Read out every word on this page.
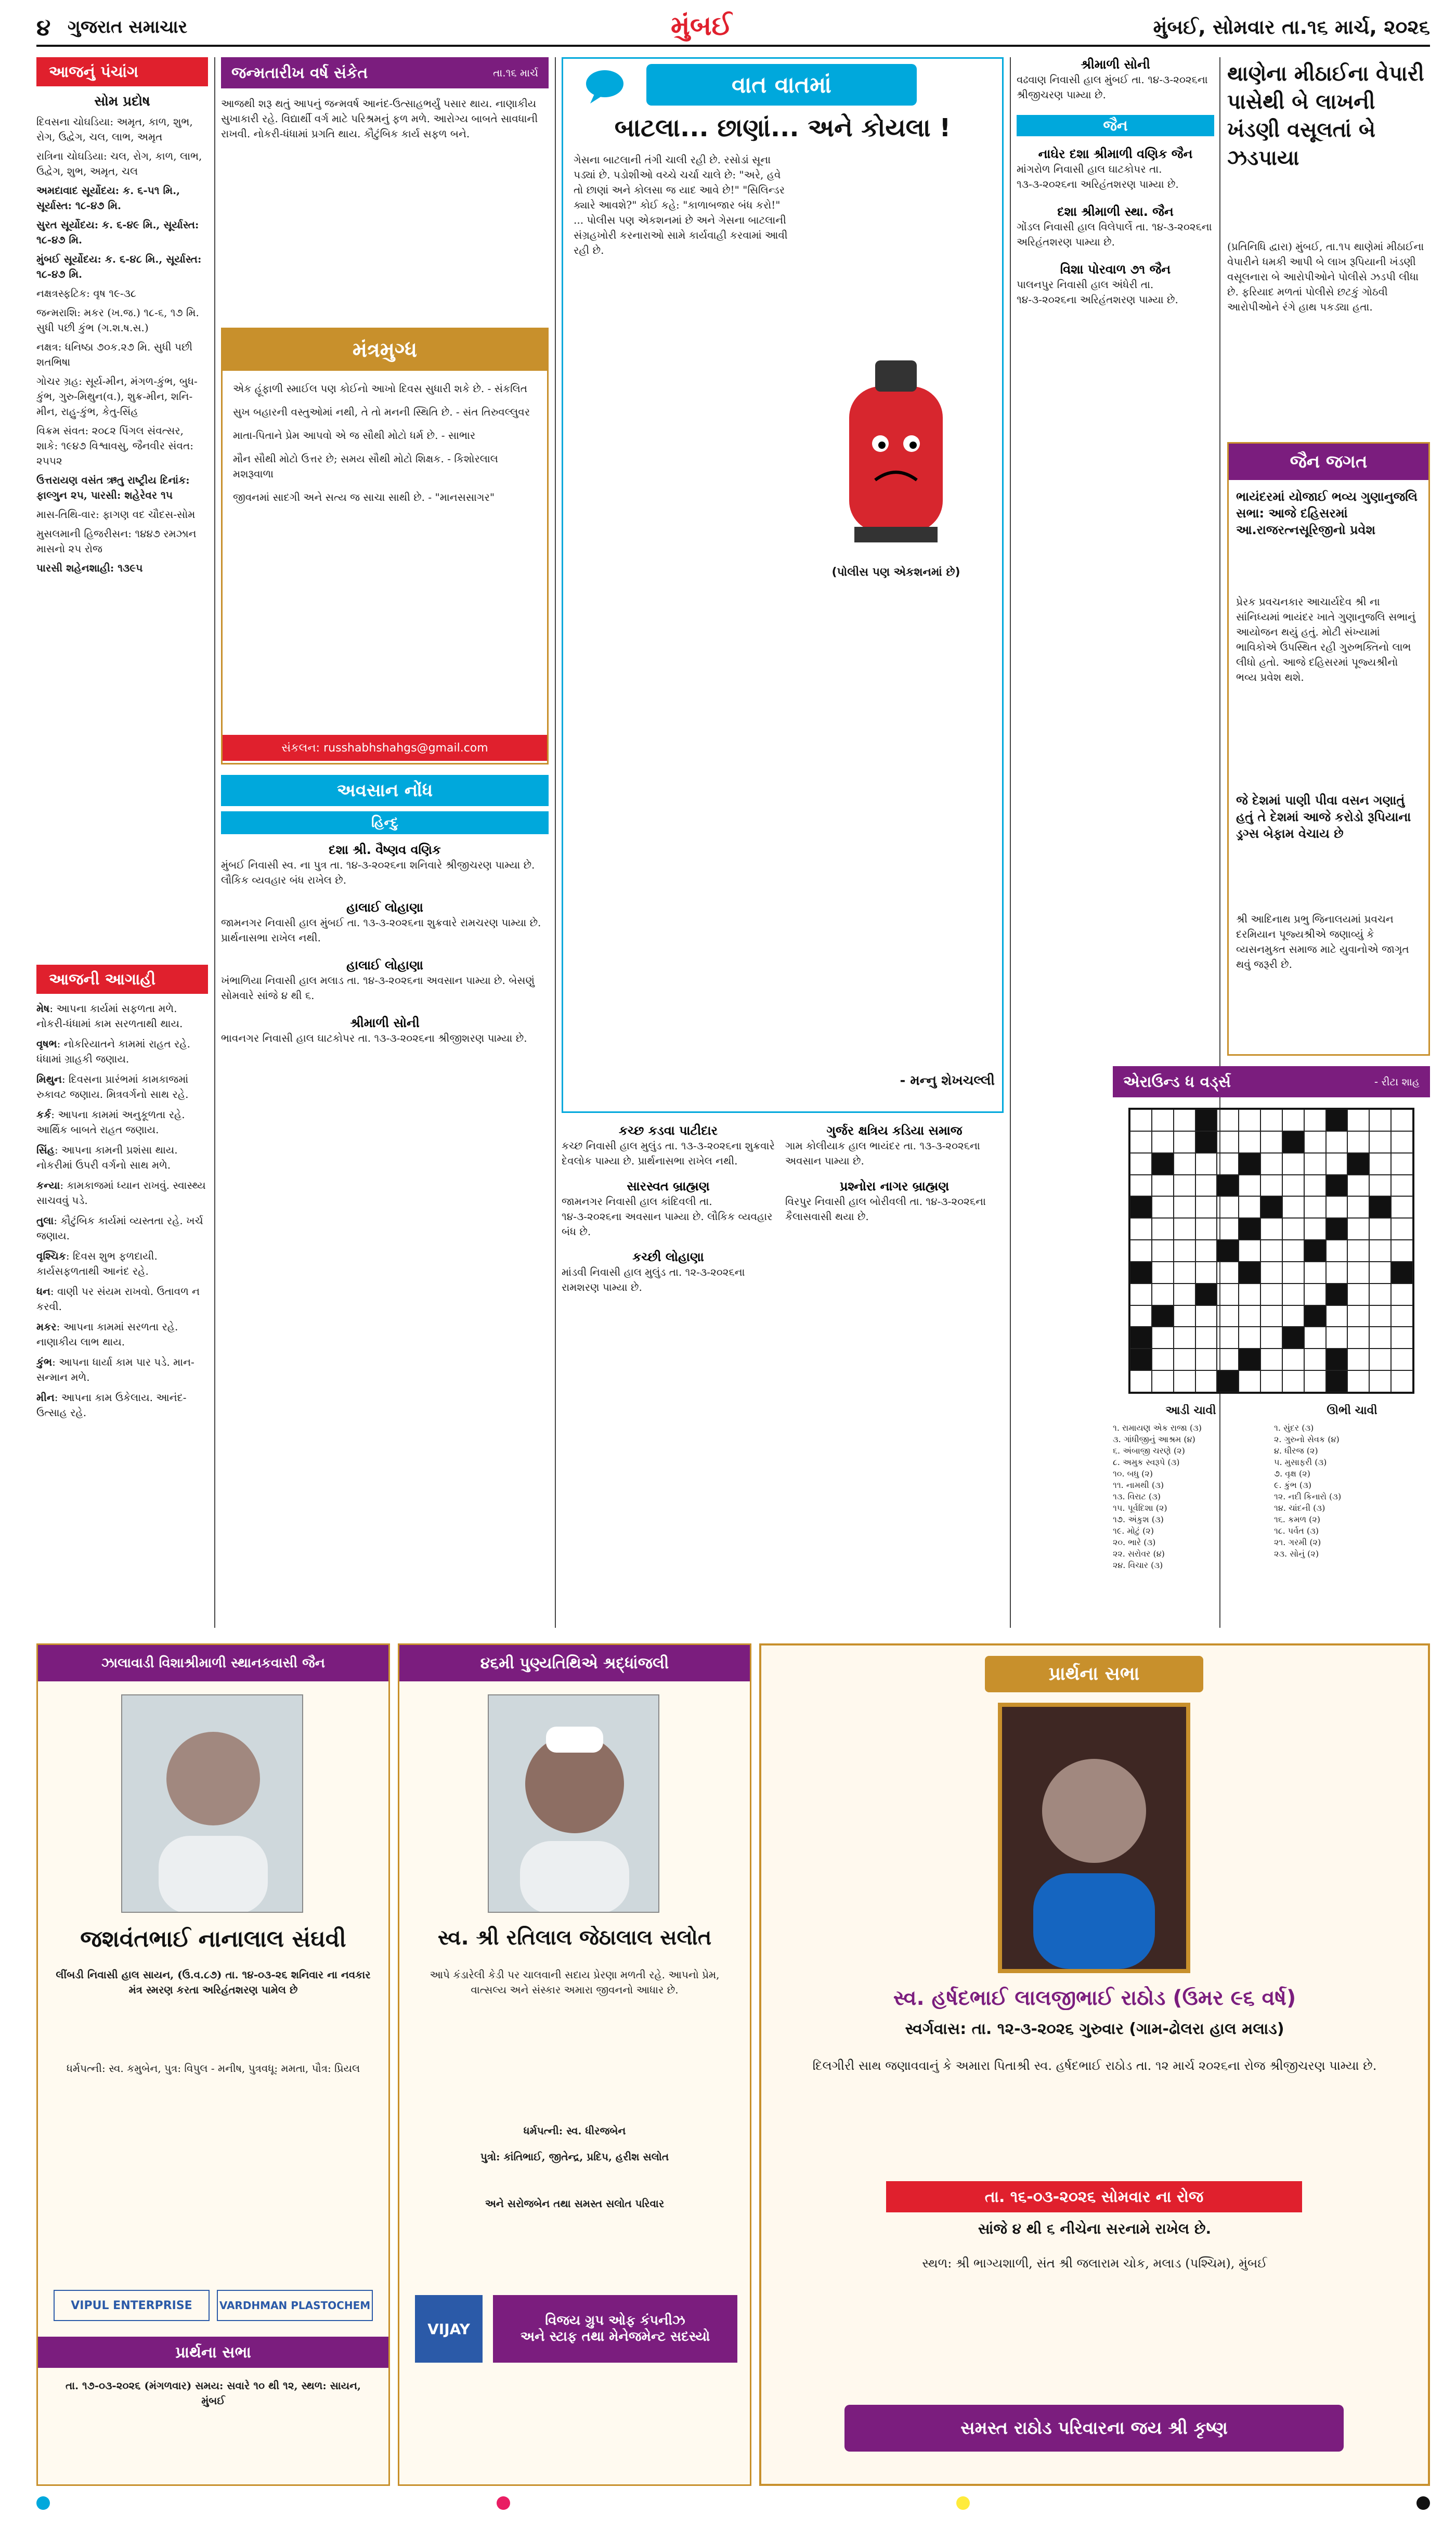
૪ ગુજરાત સમાચાર	મુંબઈ	મુંબઈ, સોમવાર તા.૧૬ માર્ચ, ૨૦૨૬
આજનું પંચાંગ
સોમ પ્રદોષ

દિવસના ચોઘડિયા: અમૃત, કાળ, શુભ, રોગ, ઉદ્વેગ, ચલ, લાભ, અમૃત

રાત્રિના ચોઘડિયા: ચલ, રોગ, કાળ, લાભ, ઉદ્વેગ, શુભ, અમૃત, ચલ

અમદાવાદ સૂર્યોદય: ક. ૬-૫૧ મિ., સૂર્યાસ્ત: ૧૮-૪૭ મિ.

સુરત સૂર્યોદય: ક. ૬-૪૯ મિ., સૂર્યાસ્ત: ૧૮-૪૭ મિ.

મુંબઈ સૂર્યોદય: ક. ૬-૪૮ મિ., સૂર્યાસ્ત: ૧૮-૪૭ મિ.

નક્ષત્રસ્ફટિક: વૃષ ૧૯-૩૮

જન્મરાશિ: મકર (ખ.જ.) ૧૮-૬, ૧૭ મિ. સુધી પછી કુંભ (ગ.શ.ષ.સ.)

નક્ષત્ર: ધનિષ્ઠા ૭૦ક.૨૭ મિ. સુધી પછી શતભિષા

ગોચર ગ્રહ: સૂર્ય-મીન, મંગળ-કુંભ, બુધ-કુંભ, ગુરુ-મિથુન(વ.), શુક્ર-મીન, શનિ-મીન, રાહુ-કુંભ, કેતુ-સિંહ

વિક્રમ સંવત: ૨૦૮૨ પિંગલ સંવત્સર, શાકે: ૧૯૪૭ વિશ્વાવસુ, જૈનવીર સંવત: ૨૫૫૨

ઉત્તરાયણ વસંત ઋતુ રાષ્ટ્રીય દિનાંક: ફાલ્ગુન ૨૫, પારસી: શહેરેવર ૧૫

માસ-તિથિ-વાર: ફાગણ વદ ચૌદસ-સોમ

મુસલમાની હિજરીસન: ૧૪૪૭ રમઝાન માસનો ૨૫ રોજ

પારસી શહેનશાહી: ૧૩૯૫

આજની આગાહી

મેષ: આપના કાર્યમાં સફળતા મળે. નોકરી-ધંધામાં કામ સરળતાથી થાય.

વૃષભ: નોકરિયાતને કામમાં રાહત રહે. ધંધામાં ગ્રાહકી જણાય.

મિથુન: દિવસના પ્રારંભમાં કામકાજમાં રુકાવટ જણાય. મિત્રવર્ગનો સાથ રહે.

કર્ક: આપના કામમાં અનુકૂળતા રહે. આર્થિક બાબતે રાહત જણાય.

સિંહ: આપના કામની પ્રશંસા થાય. નોકરીમાં ઉપરી વર્ગનો સાથ મળે.

કન્યા: કામકાજમાં ધ્યાન રાખવું. સ્વાસ્થ્ય સાચવવું પડે.

તુલા: કૌટુંબિક કાર્યમાં વ્યસ્તતા રહે. ખર્ચ જણાય.

વૃશ્ચિક: દિવસ શુભ ફળદાયી. કાર્યસફળતાથી આનંદ રહે.

ધન: વાણી પર સંયમ રાખવો. ઉતાવળ ન કરવી.

મકર: આપના કામમાં સરળતા રહે. નાણાકીય લાભ થાય.

કુંભ: આપના ધાર્યા કામ પાર પડે. માન-સન્માન મળે.

મીન: આપના કામ ઉકેલાય. આનંદ-ઉત્સાહ રહે.

જન્મતારીખ વર્ષ સંકેત	તા.૧૬ માર્ચ
આજથી શરૂ થતું આપનું જન્મવર્ષ આનંદ-ઉત્સાહભર્યું પસાર થાય. નાણાકીય સુખાકારી રહે. વિદ્યાર્થી વર્ગ માટે પરિશ્રમનું ફળ મળે. આરોગ્ય બાબતે સાવધાની રાખવી. નોકરી-ધંધામાં પ્રગતિ થાય. કૌટુંબિક કાર્ય સફળ બને.
મંત્રમુગ્ધ

એક હૂંફાળી સ્માઈલ પણ કોઈનો આખો દિવસ સુધારી શકે છે. - સંકલિત

સુખ બહારની વસ્તુઓમાં નથી, તે તો મનની સ્થિતિ છે. - સંત તિરુવલ્લુવર

માતા-પિતાને પ્રેમ આપવો એ જ સૌથી મોટો ધર્મ છે. - સાભાર

મૌન સૌથી મોટો ઉત્તર છે; સમય સૌથી મોટો શિક્ષક. - કિશોરલાલ મશરૂવાળા

જીવનમાં સાદગી અને સત્ય જ સાચા સાથી છે. - "માનસસાગર"

સંકલન: russhabhshahgs@gmail.com
અવસાન નોંધ
હિન્દુ
દશા શ્રી. વૈષ્ણવ વણિક
મુંબઈ નિવાસી સ્વ. ના પુત્ર તા. ૧૪-૩-૨૦૨૬ના શનિવારે શ્રીજીચરણ પામ્યા છે. લૌકિક વ્યવહાર બંધ રાખેલ છે.
હાલાઈ લોહાણા
જામનગર નિવાસી હાલ મુંબઈ તા. ૧૩-૩-૨૦૨૬ના શુક્રવારે રામચરણ પામ્યા છે. પ્રાર્થનાસભા રાખેલ નથી.
હાલાઈ લોહાણા
ખંભાળિયા નિવાસી હાલ મલાડ તા. ૧૪-૩-૨૦૨૬ના અવસાન પામ્યા છે. બેસણું સોમવારે સાંજે ૪ થી ૬.
શ્રીમાળી સોની
ભાવનગર નિવાસી હાલ ઘાટકોપર તા. ૧૩-૩-૨૦૨૬ના શ્રીજીશરણ પામ્યા છે.
વાત વાતમાં
બાટલા... છાણાં... અને કોયલા !
ગેસના બાટલાની તંગી ચાલી રહી છે. રસોડાં સૂના પડ્યાં છે. પડોશીઓ વચ્ચે ચર્ચા ચાલે છે: "અરે, હવે તો છાણાં અને કોલસા જ યાદ આવે છે!" "સિલિન્ડર ક્યારે આવશે?" કોઈ કહે: "કાળાબજાર બંધ કરો!" ... પોલીસ પણ એકશનમાં છે અને ગેસના બાટલાની સંગ્રહખોરી કરનારાઓ સામે કાર્યવાહી કરવામાં આવી રહી છે.
(પોલીસ પણ એકશનમાં છે)
- મન્નુ શેખચલ્લી
કચ્છ કડવા પાટીદાર
કચ્છ નિવાસી હાલ મુલુંડ તા. ૧૩-૩-૨૦૨૬ના શુક્રવારે દેવલોક પામ્યા છે. પ્રાર્થનાસભા રાખેલ નથી.
સારસ્વત બ્રાહ્મણ
જામનગર નિવાસી હાલ કાંદિવલી તા. ૧૪-૩-૨૦૨૬ના અવસાન પામ્યા છે. લૌકિક વ્યવહાર બંધ છે.
કચ્છી લોહાણા
માંડવી નિવાસી હાલ મુલુંડ તા. ૧૨-૩-૨૦૨૬ના રામશરણ પામ્યા છે.
ગુર્જર ક્ષત્રિય કડિયા સમાજ
ગામ કોલીયાક હાલ ભાયંદર તા. ૧૩-૩-૨૦૨૬ના અવસાન પામ્યા છે.
પ્રશ્નોરા નાગર બ્રાહ્મણ
વિરપુર નિવાસી હાલ બોરીવલી તા. ૧૪-૩-૨૦૨૬ના કૈલાસવાસી થયા છે.
શ્રીમાળી સોની
વઢવાણ નિવાસી હાલ મુંબઈ તા. ૧૪-૩-૨૦૨૬ના શ્રીજીચરણ પામ્યા છે.
જૈન
નાઘેર દશા શ્રીમાળી વણિક જૈન
માંગરોળ નિવાસી હાલ ઘાટકોપર તા. ૧૩-૩-૨૦૨૬ના અરિહંતશરણ પામ્યા છે.
દશા શ્રીમાળી સ્થા. જૈન
ગોંડલ નિવાસી હાલ વિલેપાર્લે તા. ૧૪-૩-૨૦૨૬ના અરિહંતશરણ પામ્યા છે.
વિશા પોરવાળ ૭૧ જૈન
પાલનપુર નિવાસી હાલ અંધેરી તા. ૧૪-૩-૨૦૨૬ના અરિહંતશરણ પામ્યા છે.
થાણેના મીઠાઈના વેપારી પાસેથી બે લાખની ખંડણી વસૂલતાં બે ઝડપાયા
(પ્રતિનિધિ દ્વારા) મુંબઈ, તા.૧૫ થાણેમાં મીઠાઈના વેપારીને ધમકી આપી બે લાખ રૂપિયાની ખંડણી વસૂલનારા બે આરોપીઓને પોલીસે ઝડપી લીધા છે. ફરિયાદ મળતાં પોલીસે છટકું ગોઠવી આરોપીઓને રંગે હાથ પકડ્યા હતા.
જૈન જગત
ભાયંદરમાં યોજાઈ ભવ્ય ગુણાનુજલિ સભા: આજે દહિસરમાં આ.રાજરત્નસૂરિજીનો પ્રવેશ
પ્રેરક પ્રવચનકાર આચાર્યદેવ શ્રી ના સાંનિધ્યમાં ભાયંદર ખાતે ગુણાનુજલિ સભાનું આયોજન થયું હતું. મોટી સંખ્યામાં ભાવિકોએ ઉપસ્થિત રહી ગુરુભક્તિનો લાભ લીધો હતો. આજે દહિસરમાં પૂજ્યશ્રીનો ભવ્ય પ્રવેશ થશે.
જે દેશમાં પાણી પીવા વસન ગણાતું હતું તે દેશમાં આજે કરોડો રૂપિયાના ડ્રગ્સ બેફામ વેચાય છે
શ્રી આદિનાથ પ્રભુ જિનાલયમાં પ્રવચન દરમિયાન પૂજ્યશ્રીએ જણાવ્યું કે વ્યસનમુક્ત સમાજ માટે યુવાનોએ જાગૃત થવું જરૂરી છે.
એરાઉન્ડ ધ વર્ડ્સ	- રીટા શાહ
આડી ચાવી
૧. રામાયણ એક રાજા (૩)
૩. ગાંધીજીનું આશ્રમ (૪)
૬. અંબાજી ચરણે (૨)
૮. અમુક સ્વરૂપે (૩)
૧૦. બધુ (૨)
૧૧. નામથી (૩)
૧૩. વિરાટ (૩)
૧૫. પૂર્વદિશા (૨)
૧૭. અંકુશ (૩)
૧૯. મોટું (૨)
૨૦. ભારે (૩)
૨૨. સરોવર (૪)
૨૪. વિચાર (૩)
ઊભી ચાવી
૧. સુંદર (૩)
૨. ગુરુનો સેવક (૪)
૪. ધીરજ (૨)
૫. મુસાફરી (૩)
૭. વૃક્ષ (૨)
૯. કુંભ (૩)
૧૨. નદી કિનારો (૩)
૧૪. ચાંદની (૩)
૧૬. કમળ (૨)
૧૮. પર્વત (૩)
૨૧. ગરમી (૨)
૨૩. સોનું (૨)
ઝાલાવાડી વિશાશ્રીમાળી સ્થાનકવાસી જૈન
જશવંતભાઈ નાનાલાલ સંઘવી
લીંબડી નિવાસી હાલ સાયન, (ઉ.વ.૮૭) તા. ૧૪-૦૩-૨૬ શનિવાર ના નવકાર મંત્ર સ્મરણ કરતા અરિહંતશરણ પામેલ છે
ધર્મપત્ની: સ્વ. કમુબેન, પુત્ર: વિપુલ - મનીષ, પુત્રવધૂ: મમતા, પૌત્ર: પ્રિયલ
VIPUL ENTERPRISE	VARDHMAN PLASTOCHEM
પ્રાર્થના સભા
તા. ૧૭-૦૩-૨૦૨૬ (મંગળવાર) સમય: સવારે ૧૦ થી ૧૨, સ્થળ: સાયન, મુંબઈ
૪૬મી પુણ્યતિથિએ શ્રદ્ધાંજલી
સ્વ. શ્રી રતિલાલ જેઠાલાલ સલોત
આપે કંડારેલી કેડી પર ચાલવાની સદાય પ્રેરણા મળતી રહે. આપનો પ્રેમ, વાત્સલ્ય અને સંસ્કાર અમારા જીવનનો આધાર છે.
ધર્મપત્ની: સ્વ. ધીરજબેન
પુત્રો: કાંતિભાઈ, જીતેન્દ્ર, પ્રદિપ, હરીશ સલોત
અને સરોજબેન તથા સમસ્ત સલોત પરિવાર
VIJAY	વિજય ગ્રુપ ઓફ કંપનીઝ
અને સ્ટાફ તથા મેનેજમેન્ટ સદસ્યો
પ્રાર્થના સભા
સ્વ. હર્ષદભાઈ લાલજીભાઈ રાઠોડ (ઉંમર ૯૬ વર્ષ)
સ્વર્ગવાસ: તા. ૧૨-૩-૨૦૨૬ ગુરુવાર (ગામ-ઢોલરા હાલ મલાડ)
દિલગીરી સાથ જણાવવાનું કે અમારા પિતાશ્રી સ્વ. હર્ષદભાઈ રાઠોડ તા. ૧૨ માર્ચ ૨૦૨૬ના રોજ શ્રીજીચરણ પામ્યા છે.
તા. ૧૬-૦૩-૨૦૨૬ સોમવાર ના રોજ
સાંજે ૪ થી ૬ નીચેના સરનામે રાખેલ છે.
સ્થળ: શ્રી ભાગ્યશાળી, સંત શ્રી જલારામ ચોક, મલાડ (પશ્ચિમ), મુંબઈ
સમસ્ત રાઠોડ પરિવારના જય શ્રી કૃષ્ણ
